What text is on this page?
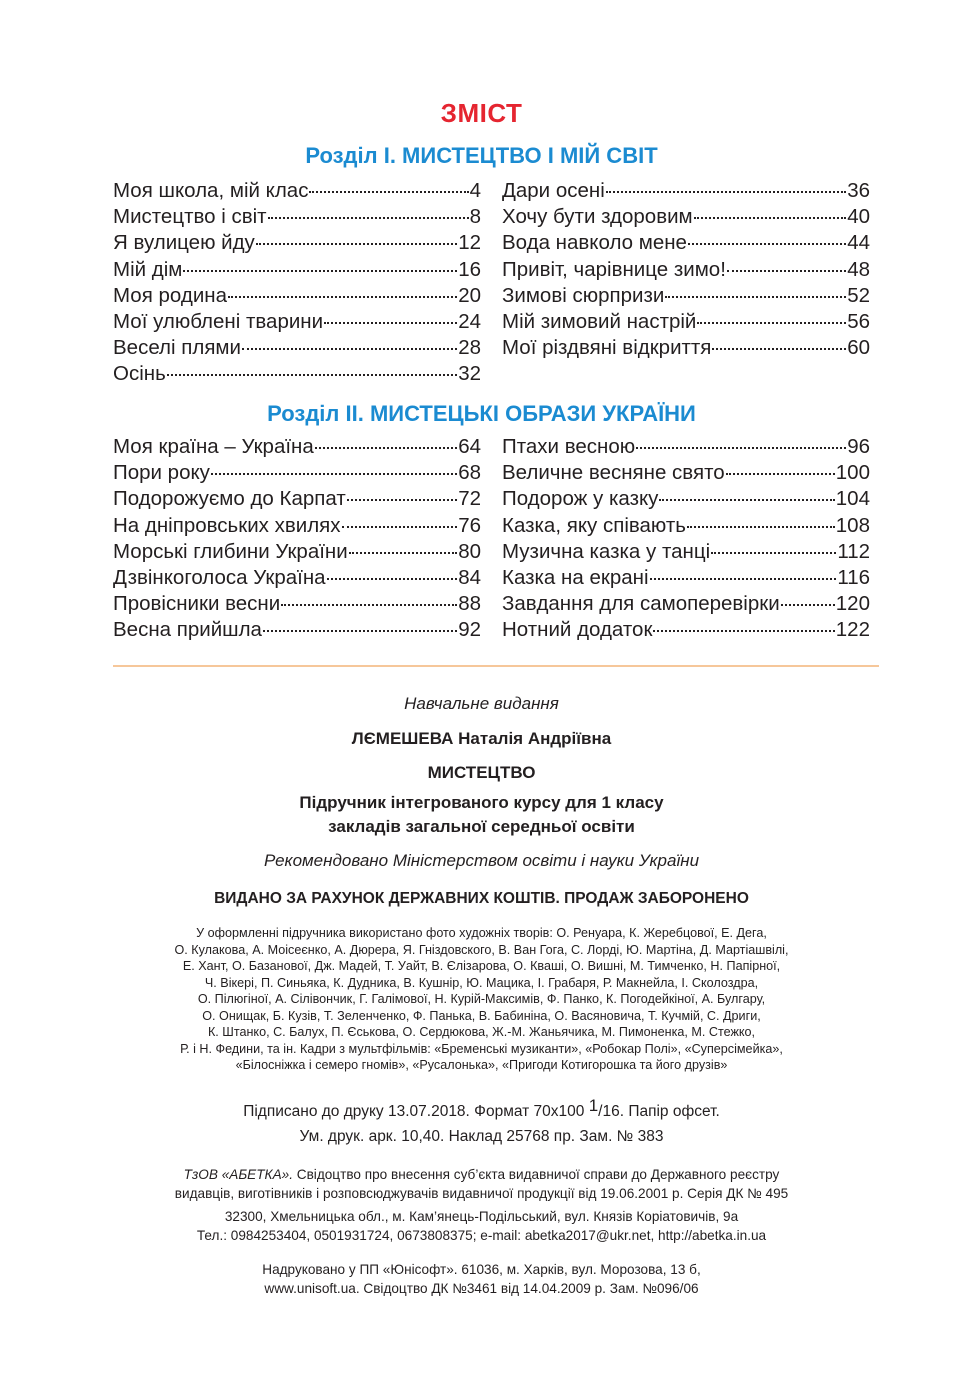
ЗМІСТ
Розділ І. МИСТЕЦТВО І МІЙ СВІТ
Моя школа, мій клас	4
Мистецтво і світ	8
Я вулицею йду	12
Мій дім	16
Моя родина	20
Мої улюблені тварини	24
Веселі плями	28
Осінь	32
Дари осені	36
Хочу бути здоровим	40
Вода навколо мене	44
Привіт, чарівнице зимо!	48
Зимові сюрпризи	52
Мій зимовий настрій	56
Мої різдвяні відкриття	60
Розділ ІІ. МИСТЕЦЬКІ ОБРАЗИ УКРАЇНИ
Моя країна – Україна	64
Пори року	68
Подорожуємо до Карпат	72
На дніпровських хвилях	76
Морські глибини України	80
Дзвінкоголоса Україна	84
Провісники весни	88
Весна прийшла	92
Птахи весною	96
Величне весняне свято	100
Подорож у казку	104
Казка, яку співають	108
Музична казка у танці	112
Казка на екрані	116
Завдання для самоперевірки	120
Нотний додаток	122
Навчальне видання
ЛЄМЕШЕВА Наталія Андріївна
МИСТЕЦТВО
Підручник інтегрованого курсу для 1 класу
закладів загальної середньої освіти
Рекомендовано Міністерством освіти і науки України
ВИДАНО ЗА РАХУНОК ДЕРЖАВНИХ КОШТІВ. ПРОДАЖ ЗАБОРОНЕНО
У оформленні підручника використано фото художніх творів: О. Ренуара, К. Жеребцової, Е. Дега,
О. Кулакова, А. Моісеєнко, А. Дюрера, Я. Гніздовского, В. Ван Гога, С. Лорді, Ю. Мартіна, Д. Мартіашвілі,
Е. Хант, О. Базанової, Дж. Мадей, Т. Уайт, В. Єлізарова, О. Кваші, О. Вишні, М. Тимченко, Н. Папірної,
Ч. Вікері, П. Синьяка, К. Дудника, В. Кушнір, Ю. Мацика, І. Грабаря, Р. Макнейла, І. Сколоздра,
О. Пілюгіної, А. Сілівончик, Г. Галімової, Н. Курій-Максимів, Ф. Панко, К. Погодейкіної, А. Булгару,
О. Онищак, Б. Кузів, Т. Зеленченко, Ф. Панька, В. Бабиніна, О. Васяновича, Т. Кучмій, С. Дриги,
К. Штанко, С. Балух, П. Єськова, О. Сердюкова, Ж.-М. Жаньячика, М. Пимоненка, М. Стежко,
Р. і Н. Федини, та ін. Кадри з мультфільмів: «Бременські музиканти», «Робокар Полі», «Суперсімейка»,
«Білосніжка і семеро гномів», «Русалонька», «Пригоди Котигорошка та його друзів»
Підписано до друку 13.07.2018. Формат 70х100 1/16. Папір офсет.
Ум. друк. арк. 10,40. Наклад 25768 пр. Зам. № 383
ТзОВ «АБЕТКА». Свідоцтво про внесення суб’єкта видавничої справи до Державного реєстру
видавців, виготівників і розповсюджувачів видавничої продукції від 19.06.2001 р. Серія ДК № 495
32300, Хмельницька обл., м. Кам’янець-Подільський, вул. Князів Коріатовичів, 9а
Тел.: 0984253404, 0501931724, 0673808375; e-mail: abetka2017@ukr.net, http://abetka.in.ua
Надруковано у ПП «Юнісофт». 61036, м. Харків, вул. Морозова, 13 б,
www.unisoft.ua. Свідоцтво ДК №3461 від 14.04.2009 р. Зам. №096/06
